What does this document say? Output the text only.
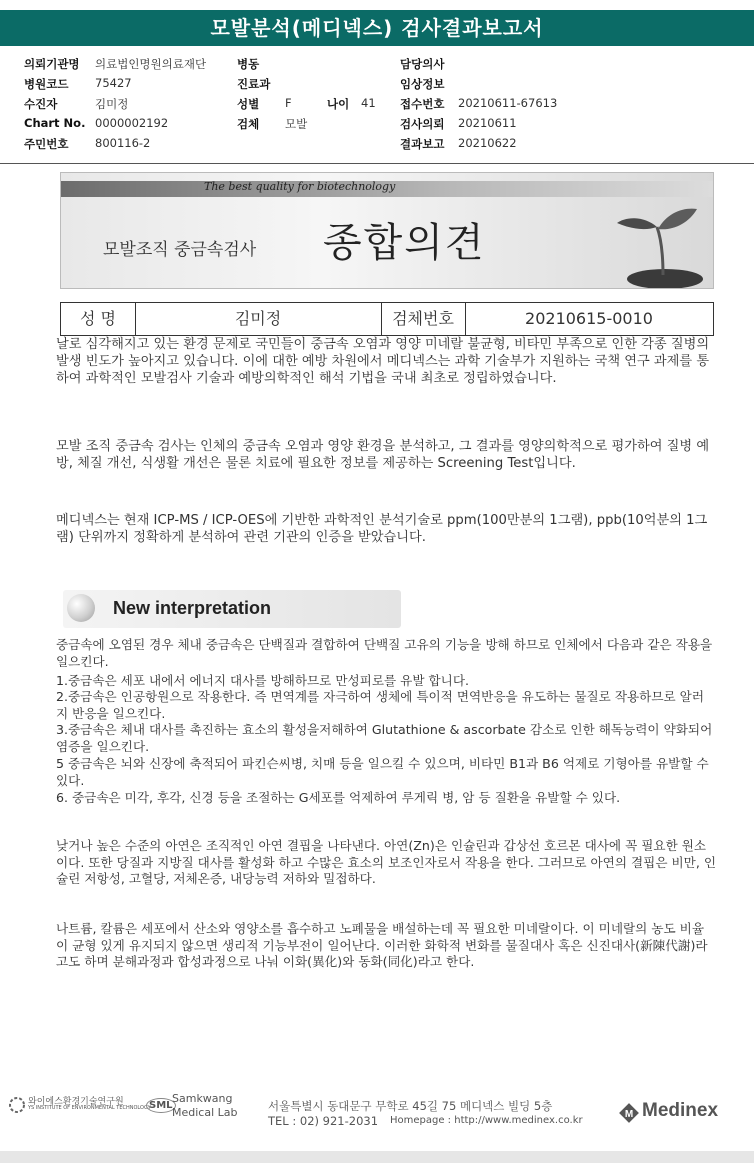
모발분석(메디넥스) 검사결과보고서
의뢰기관명 의료법인명원의료재단	병동	담당의사
병원코드 75427	진료과	임상정보
수진자	김미정	성별 F	나이 41 접수번호 20210611-67613
Chart No. 0000002192	검체 모발	검사의뢰 20210611
주민번호 800116-2	결과보고 20210622
The best quality for biotechnology
모발조직 중금속검사 종합의견
성 명	김미정	검체번호	20210615-0010

날로 심각해지고 있는 환경 문제로 국민들이 중금속 오염과 영양 미네랄 불균형, 비타민 부족으로 인한 각종 질병의 발생 빈도가 높아지고 있습니다. 이에 대한 예방 차원에서 메디넥스는 과학 기술부가 지원하는 국책 연구 과제를 통하여 과학적인 모발검사 기술과 예방의학적인 해석 기법을 국내 최초로 정립하였습니다.

모발 조직 중금속 검사는 인체의 중금속 오염과 영양 환경을 분석하고, 그 결과를 영양의학적으로 평가하여 질병 예방, 체질 개선, 식생활 개선은 물론 치료에 필요한 정보를 제공하는 Screening Test입니다.

메디넥스는 현재 ICP-MS / ICP-OES에 기반한 과학적인 분석기술로 ppm(100만분의 1그램), ppb(10억분의 1그램) 단위까지 정확하게 분석하여 관련 기관의 인증을 받았습니다.

New interpretation

중금속에 오염된 경우 체내 중금속은 단백질과 결합하여 단백질 고유의 기능을 방해 하므로 인체에서 다음과 같은 작용을 일으킨다.

1.중금속은 세포 내에서 에너지 대사를 방해하므로 만성피로를 유발 합니다.

2.중금속은 인공항원으로 작용한다. 즉 면역계를 자극하여 생체에 특이적 면역반응을 유도하는 물질로 작용하므로 알러지 반응을 일으킨다.

3.중금속은 체내 대사를 촉진하는 효소의 활성을저해하여 Glutathione & ascorbate 감소로 인한 해독능력이 약화되어 염증을 일으킨다.

5 중금속은 뇌와 신장에 축적되어 파킨슨씨병, 치매 등을 일으킬 수 있으며, 비타민 B1과 B6 억제로 기형아를 유발할 수 있다.

6. 중금속은 미각, 후각, 신경 등을 조절하는 G세포를 억제하여 루게릭 병, 암 등 질환을 유발할 수 있다.

낮거나 높은 수준의 아연은 조직적인 아연 결핍을 나타낸다. 아연(Zn)은 인슐린과 갑상선 호르몬 대사에 꼭 필요한 원소이다. 또한 당질과 지방질 대사를 활성화 하고 수많은 효소의 보조인자로서 작용을 한다. 그러므로 아연의 결핍은 비만, 인슐린 저항성, 고혈당, 저체온증, 내당능력 저하와 밀접하다.

나트륨, 칼륨은 세포에서 산소와 영양소를 흡수하고 노폐물을 배설하는데 꼭 필요한 미네랄이다. 이 미네랄의 농도 비율이 균형 있게 유지되지 않으면 생리적 기능부전이 일어난다. 이러한 화학적 변화를 물질대사 혹은 신진대사(新陳代謝)라고도 하며 분해과정과 합성과정으로 나눠 이화(異化)와 동화(同化)라고 한다.

와이에스환경기술연구원
YS INSTITUTE OF ENVIRONMENTAL TECHNOLOGY
SML
Samkwang
Medical Lab	서울특별시 동대문구 무학로 45길 75 메디넥스 빌딩 5층
TEL : 02) 921-2031 Homepage : http://www.medinex.co.kr
M Medinex
